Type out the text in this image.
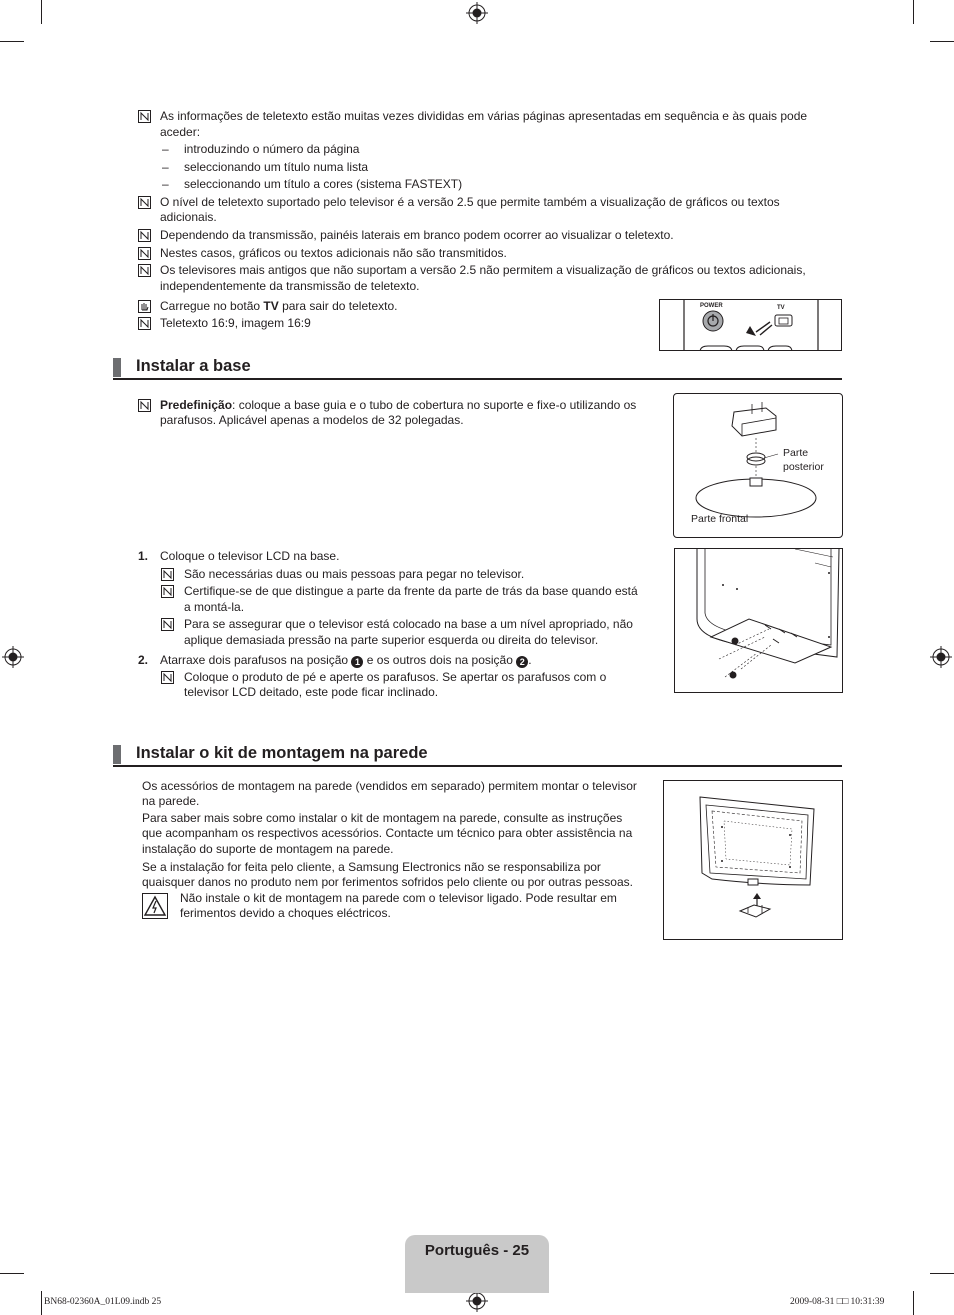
As informações de teletexto estão muitas vezes divididas em várias páginas apresentadas em sequência e às quais pode
aceder:
– introduzindo o número da página
– seleccionando um título numa lista
– seleccionando um título a cores (sistema FASTEXT)
O nível de teletexto suportado pelo televisor é a versão 2.5 que permite também a visualização de gráficos ou textos
adicionais.
Dependendo da transmissão, painéis laterais em branco podem ocorrer ao visualizar o teletexto.
Nestes casos, gráficos ou textos adicionais não são transmitidos.
Os televisores mais antigos que não suportam a versão 2.5 não permitem a visualização de gráficos ou textos adicionais,
independentemente da transmissão de teletexto.
Carregue no botão TV para sair do teletexto.
Teletexto 16:9, imagem 16:9
POWER	TV
Instalar a base
Predefinição: coloque a base guia e o tubo de cobertura no suporte e fixe-o utilizando os
parafusos. Aplicável apenas a modelos de 32 polegadas.
Parte
posterior
Parte frontal
1. Coloque o televisor LCD na base.
São necessárias duas ou mais pessoas para pegar no televisor.
Certifique-se de que distingue a parte da frente da parte de trás da base quando está
a montá-la.
Para se assegurar que o televisor está colocado na base a um nível apropriado, não
aplique demasiada pressão na parte superior esquerda ou direita do televisor.
2. Atarraxe dois parafusos na posição 1 e os outros dois na posição 2 .
Coloque o produto de pé e aperte os parafusos. Se apertar os parafusos com o
televisor LCD deitado, este pode ficar inclinado.
Instalar o kit de montagem na parede
Os acessórios de montagem na parede (vendidos em separado) permitem montar o televisor
na parede.
Para saber mais sobre como instalar o kit de montagem na parede, consulte as instruções
que acompanham os respectivos acessórios. Contacte um técnico para obter assistência na
instalação do suporte de montagem na parede.
Se a instalação for feita pelo cliente, a Samsung Electronics não se responsabiliza por
quaisquer danos no produto nem por ferimentos sofridos pelo cliente ou por outras pessoas.
Não instale o kit de montagem na parede com o televisor ligado. Pode resultar em
ferimentos devido a choques eléctricos.
Português - 25
BN68-02360A_01L09.indb 25	2009-08-31 □□ 10:31:39
